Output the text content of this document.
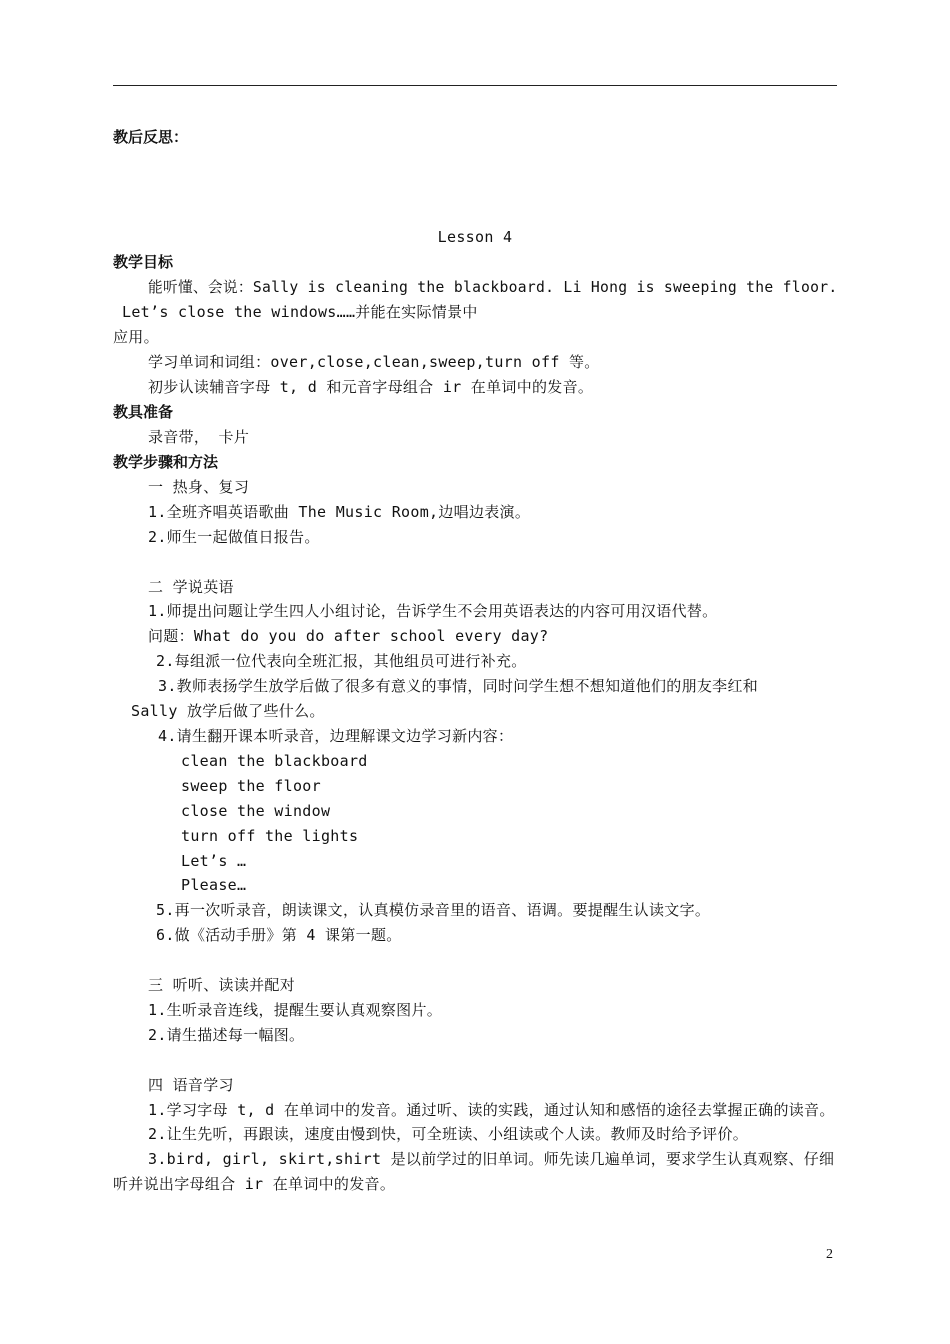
教后反思：
Lesson 4
教学目标
能听懂、会说：Sally is cleaning the blackboard. Li Hong is sweeping the floor.
Let’s close the windows……并能在实际情景中
应用。
学习单词和词组：over,close,clean,sweep,turn off 等。
初步认读辅音字母 t, d 和元音字母组合 ir 在单词中的发音。
教具准备
录音带， 卡片
教学步骤和方法
一 热身、复习
1.全班齐唱英语歌曲 The Music Room,边唱边表演。
2.师生一起做值日报告。
二 学说英语
1.师提出问题让学生四人小组讨论，告诉学生不会用英语表达的内容可用汉语代替。
问题：What do you do after school every day?
2.每组派一位代表向全班汇报，其他组员可进行补充。
3.教师表扬学生放学后做了很多有意义的事情，同时问学生想不想知道他们的朋友李红和
Sally 放学后做了些什么。
4.请生翻开课本听录音，边理解课文边学习新内容：
clean the blackboard
sweep the floor
close the window
turn off the lights
Let’s …
Please…
5.再一次听录音，朗读课文，认真模仿录音里的语音、语调。要提醒生认读文字。
6.做《活动手册》第 4 课第一题。
三 听听、读读并配对
1.生听录音连线，提醒生要认真观察图片。
2.请生描述每一幅图。
四 语音学习
1.学习字母 t, d 在单词中的发音。通过听、读的实践，通过认知和感悟的途径去掌握正确的读音。
2.让生先听，再跟读，速度由慢到快，可全班读、小组读或个人读。教师及时给予评价。
3.bird, girl, skirt,shirt 是以前学过的旧单词。师先读几遍单词，要求学生认真观察、仔细
听并说出字母组合 ir 在单词中的发音。
2
